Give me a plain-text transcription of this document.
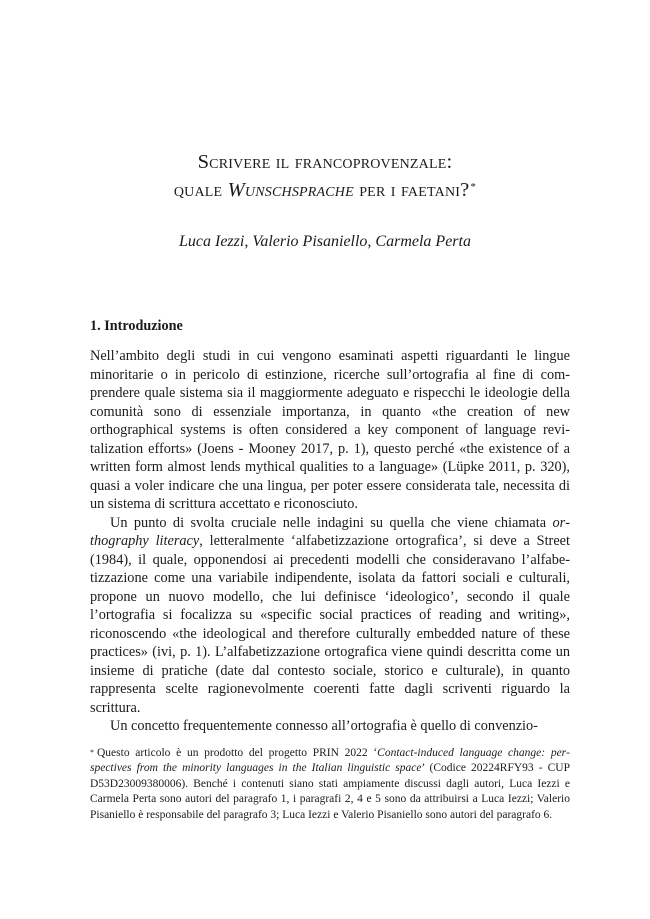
Scrivere il francoprovenzale:
quale Wunschsprache per i faetani?*
Luca Iezzi, Valerio Pisaniello, Carmela Perta
1. Introduzione

Nell’ambito degli studi in cui vengono esaminati aspetti riguardanti le lingue minoritarie o in pericolo di estinzione, ricerche sull’ortografia al fine di comprendere quale sistema sia il maggiormente adeguato e rispecchi le ideologie della comunità sono di essenziale importanza, in quanto «the creation of new orthographical systems is often considered a key component of language revitalization efforts» (Joens - Mooney 2017, p. 1), questo perché «the existence of a written form almost lends mythical qualities to a language» (Lüpke 2011, p. 320), quasi a voler indicare che una lingua, per poter essere considerata tale, necessita di un sistema di scrittura accettato e riconosciuto.

Un punto di svolta cruciale nelle indagini su quella che viene chiamata orthography literacy, letteralmente ‘alfabetizzazione ortografica’, si deve a Street (1984), il quale, opponendosi ai precedenti modelli che consideravano l’alfabetizzazione come una variabile indipendente, isolata da fattori sociali e culturali, propone un nuovo modello, che lui definisce ‘ideologico’, secondo il quale l’ortografia si focalizza su «specific social practices of reading and writing», riconoscendo «the ideological and therefore culturally embedded nature of these practices» (ivi, p. 1). L’alfabetizzazione ortografica viene quindi descritta come un insieme di pratiche (date dal contesto sociale, storico e culturale), in quanto rappresenta scelte ragionevolmente coerenti fatte dagli scriventi riguardo la scrittura.

Un concetto frequentemente connesso all’ortografia è quello di convenzio-

* Questo articolo è un prodotto del progetto PRIN 2022 ‘Contact-induced language change: perspectives from the minority languages in the Italian linguistic space’ (Codice 20224RFY93 - CUP D53D23009380006). Benché i contenuti siano stati ampiamente discussi dagli autori, Luca Iezzi e Carmela Perta sono autori del paragrafo 1, i paragrafi 2, 4 e 5 sono da attribuirsi a Luca Iezzi; Valerio Pisaniello è responsabile del paragrafo 3; Luca Iezzi e Valerio Pisaniello sono autori del paragrafo 6.
